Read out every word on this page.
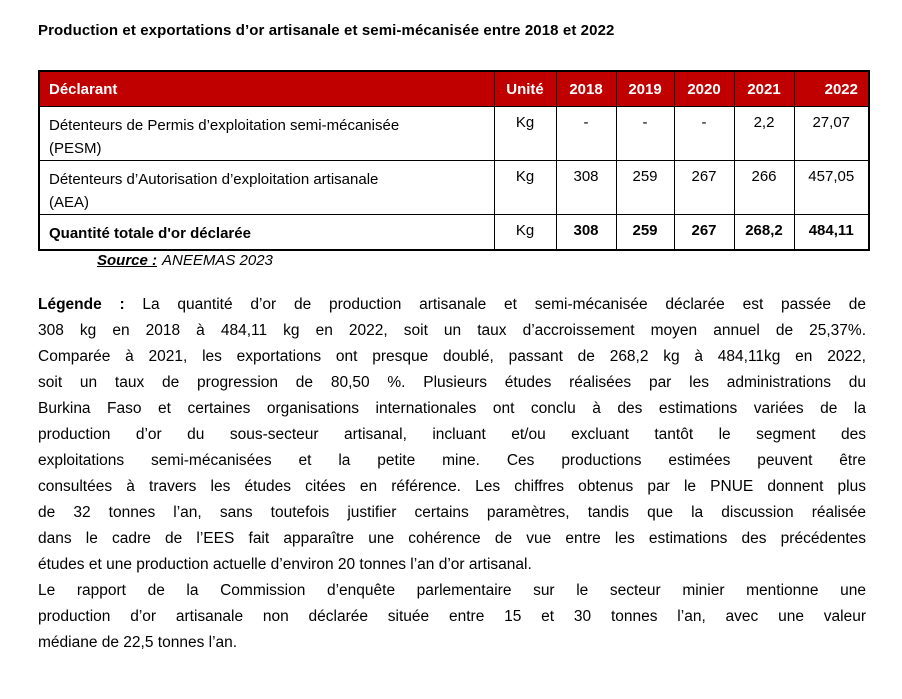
Production et exportations d’or artisanale et semi-mécanisée entre 2018 et 2022
Déclarant	Unité	2018	2019	2020	2021	2022

Détenteurs de Permis d’exploitation semi-mécanisée
(PESM)	Kg	-	-	-	2,2	27,07

Détenteurs d’Autorisation d’exploitation artisanale
(AEA)	Kg	308	259	267	266	457,05

Quantité totale d'or déclarée	Kg	308	259	267	268,2	484,11
Source : ANEEMAS 2023
Légende : La quantité d’or de production artisanale et semi-mécanisée déclarée est passée de
308 kg en 2018 à 484,11 kg en 2022, soit un taux d’accroissement moyen annuel de 25,37%.
Comparée à 2021, les exportations ont presque doublé, passant de 268,2 kg à 484,11kg en 2022,
soit un taux de progression de 80,50 %. Plusieurs études réalisées par les administrations du
Burkina Faso et certaines organisations internationales ont conclu à des estimations variées de la
production d’or du sous-secteur artisanal, incluant et/ou excluant tantôt le segment des
exploitations semi-mécanisées et la petite mine. Ces productions estimées peuvent être
consultées à travers les études citées en référence. Les chiffres obtenus par le PNUE donnent plus
de 32 tonnes l’an, sans toutefois justifier certains paramètres, tandis que la discussion réalisée
dans le cadre de l’EES fait apparaître une cohérence de vue entre les estimations des précédentes
études et une production actuelle d’environ 20 tonnes l’an d’or artisanal.
Le rapport de la Commission d’enquête parlementaire sur le secteur minier mentionne une
production d’or artisanale non déclarée située entre 15 et 30 tonnes l’an, avec une valeur
médiane de 22,5 tonnes l’an.
